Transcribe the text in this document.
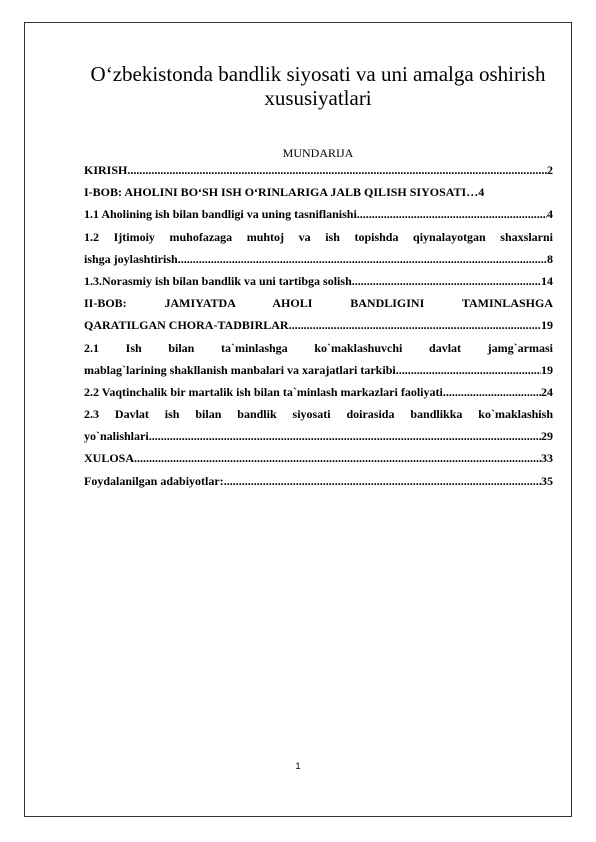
O‘zbekistonda bandlik siyosati va uni amalga oshirish xususiyatlari
MUNDARIJA
KIRISH .....	2
I-BOB: AHOLINI BO‘SH ISH O‘RINLARIGA JALB QILISH SIYOSATI…4
1.1 Aholining ish bilan bandligi va uning tasniflanishi .....	4
1.2 Ijtimoiy muhofazaga muhtoj va ish topishda qiynalayotgan shaxslarni
ishga joylashtirish .....	8
1.3.Norasmiy ish bilan bandlik va uni tartibga solish .....	14
II-BOB: JAMIYATDA AHOLI BANDLIGINI TAMINLASHGA
QARATILGAN CHORA-TADBIRLAR .....	19
2.1 Ish bilan ta`minlashga ko`maklashuvchi davlat jamg`armasi
mablag`larining shakllanish manbalari va xarajatlari tarkibi .....	19
2.2 Vaqtinchalik bir martalik ish bilan ta`minlash markazlari faoliyati .....	24
2.3 Davlat ish bilan bandlik siyosati doirasida bandlikka ko`maklashish
yo`nalishlari .....	29
XULOSA .....	33
Foydalanilgan adabiyotlar: .....	35
1
